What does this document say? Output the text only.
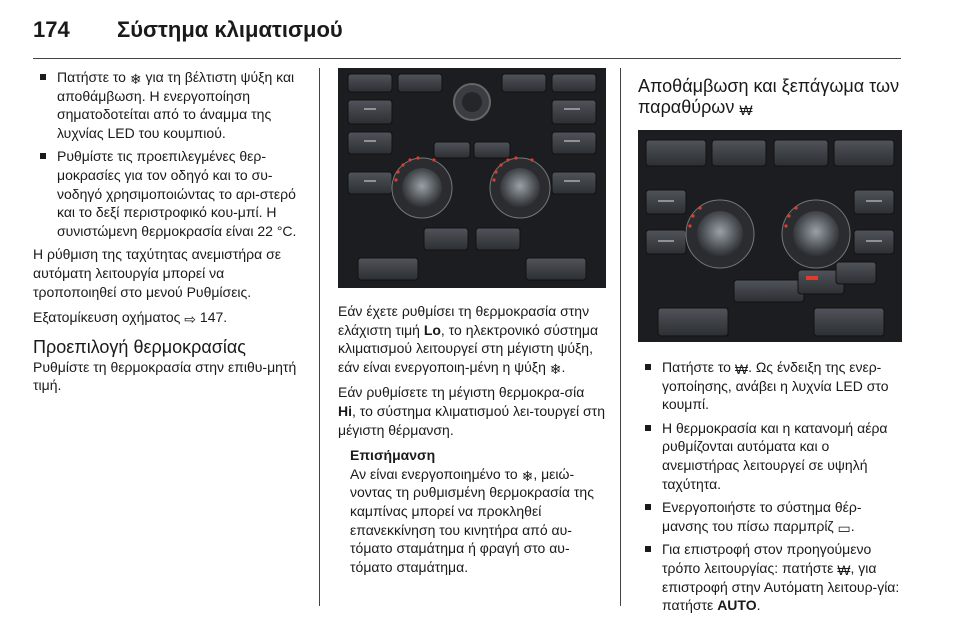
174 Σύστημα κλιματισμού
Πατήστε το ❄ για τη βέλτιστη ψύξη και αποθάμβωση. Η ενεργοποίηση σηματοδοτείται από το άναμμα της λυχνίας LED του κουμπιού.
Ρυθμίστε τις προεπιλεγμένες θερ-μοκρασίες για τον οδηγό και το συ-νοδηγό χρησιμοποιώντας το αρι-στερό και το δεξί περιστροφικό κου-μπί. Η συνιστώμενη θερμοκρασία είναι 22 °C.

Η ρύθμιση της ταχύτητας ανεμιστήρα σε αυτόματη λειτουργία μπορεί να τροποποιηθεί στο μενού Ρυθμίσεις.

Εξατομίκευση οχήματος ⇨ 147.

Προεπιλογή θερμοκρασίας

Ρυθμίστε τη θερμοκρασία στην επιθυ-μητή τιμή.

Εάν έχετε ρυθμίσει τη θερμοκρασία στην ελάχιστη τιμή Lo, το ηλεκτρονικό σύστημα κλιματισμού λειτουργεί στη μέγιστη ψύξη, εάν είναι ενεργοποιη-μένη η ψύξη ❄.

Εάν ρυθμίσετε τη μέγιστη θερμοκρα-σία Hi, το σύστημα κλιματισμού λει-τουργεί στη μέγιστη θέρμανση.

Επισήμανση
Αν είναι ενεργοποιημένο το ❄, μειώ-νοντας τη ρυθμισμένη θερμοκρασία της καμπίνας μπορεί να προκληθεί επανεκκίνηση του κινητήρα από αυ-τόματο σταμάτημα ή φραγή στο αυ-τόματο σταμάτημα.
Αποθάμβωση και ξεπάγωμα των παραθύρων ₩
Πατήστε το ₩. Ως ένδειξη της ενερ-γοποίησης, ανάβει η λυχνία LED στο κουμπί.
Η θερμοκρασία και η κατανομή αέρα ρυθμίζονται αυτόματα και ο ανεμιστήρας λειτουργεί σε υψηλή ταχύτητα.
Ενεργοποιήστε το σύστημα θέρ-μανσης του πίσω παρμπρίζ ▭.
Για επιστροφή στον προηγούμενο τρόπο λειτουργίας: πατήστε ₩, για επιστροφή στην Αυτόματη λειτουρ-γία: πατήστε AUTO.
